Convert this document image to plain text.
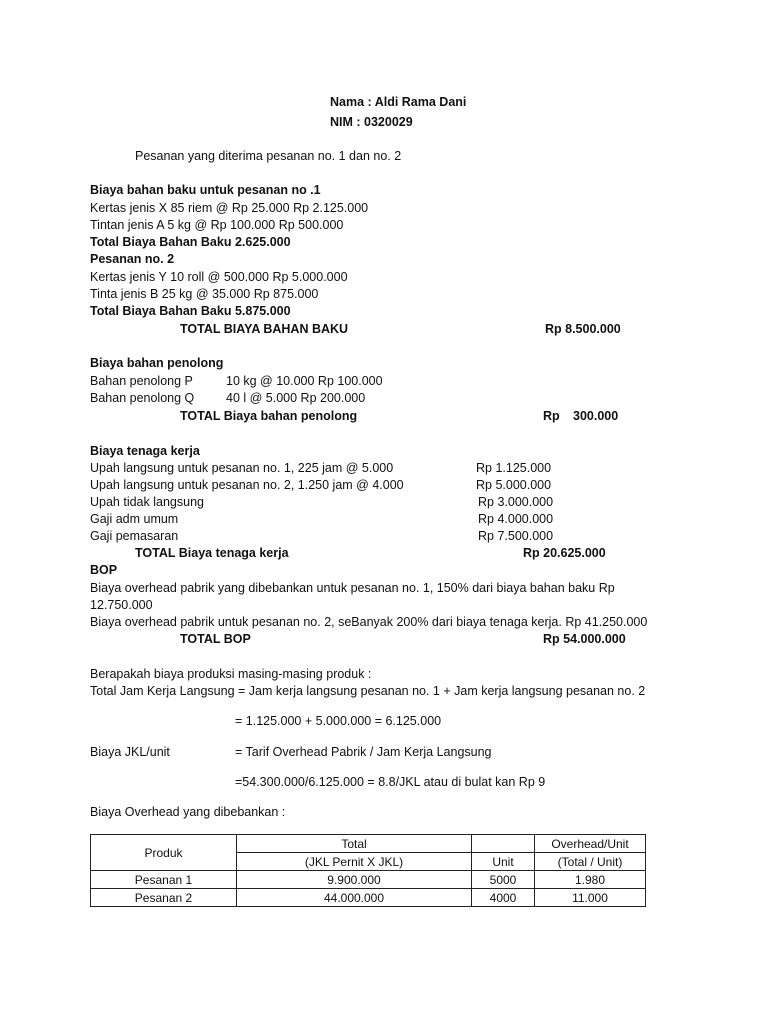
Nama : Aldi Rama Dani
NIM : 0320029
Pesanan yang diterima pesanan no. 1 dan no. 2
Biaya bahan baku untuk pesanan no .1
Kertas jenis X 85 riem @ Rp 25.000 Rp 2.125.000
Tintan jenis A 5 kg @ Rp 100.000 Rp 500.000
Total Biaya Bahan Baku 2.625.000
Pesanan no. 2
Kertas jenis Y 10 roll @ 500.000 Rp 5.000.000
Tinta jenis B 25 kg @ 35.000 Rp 875.000
Total Biaya Bahan Baku 5.875.000
TOTAL BIAYA BAHAN BAKU	Rp 8.500.000
Biaya bahan penolong
Bahan penolong P	10 kg @ 10.000 Rp 100.000
Bahan penolong Q	40 l @ 5.000 Rp 200.000
TOTAL Biaya bahan penolong	Rp 300.000
Biaya tenaga kerja
Upah langsung untuk pesanan no. 1, 225 jam @ 5.000	Rp 1.125.000
Upah langsung untuk pesanan no. 2, 1.250 jam @ 4.000	Rp 5.000.000
Upah tidak langsung	Rp 3.000.000
Gaji adm umum	Rp 4.000.000
Gaji pemasaran	Rp 7.500.000
TOTAL Biaya tenaga kerja	Rp 20.625.000
BOP
Biaya overhead pabrik yang dibebankan untuk pesanan no. 1, 150% dari biaya bahan baku Rp
12.750.000
Biaya overhead pabrik untuk pesanan no. 2, seBanyak 200% dari biaya tenaga kerja. Rp 41.250.000
TOTAL BOP	Rp 54.000.000
Berapakah biaya produksi masing-masing produk :
Total Jam Kerja Langsung = Jam kerja langsung pesanan no. 1 + Jam kerja langsung pesanan no. 2
= 1.125.000 + 5.000.000 = 6.125.000
Biaya JKL/unit	= Tarif Overhead Pabrik / Jam Kerja Langsung
=54.300.000/6.125.000 = 8.8/JKL atau di bulat kan Rp 9
Biaya Overhead yang dibebankan :
Produk	Total		Overhead/Unit
	(JKL Pernit X JKL)	Unit	(Total / Unit)
Pesanan 1	9.900.000	5000	1.980
Pesanan 2	44.000.000	4000	11.000
